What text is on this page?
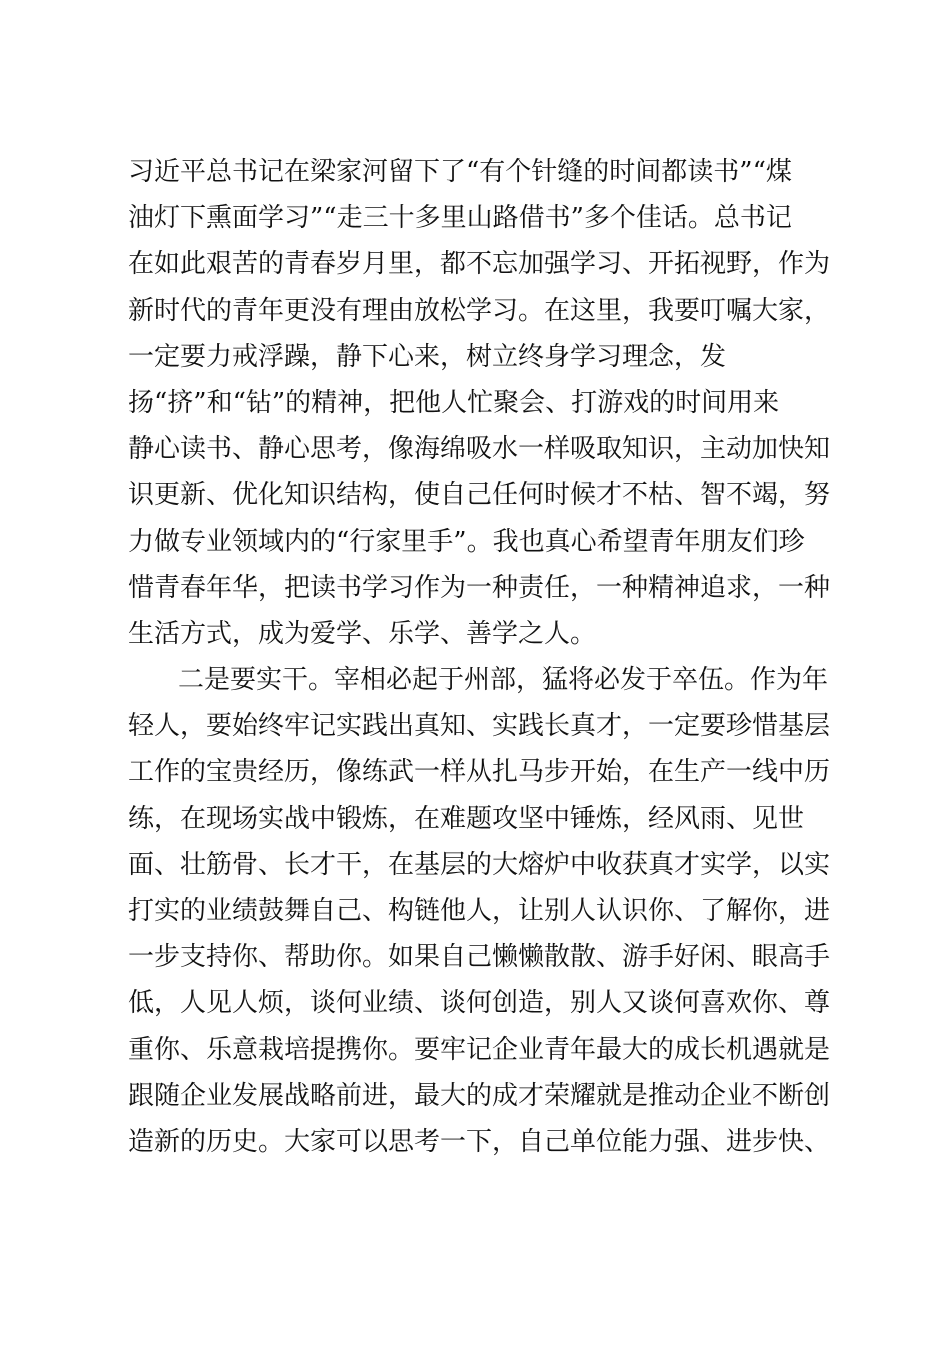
习近平总书记在梁家河留下了“有个针缝的时间都读书”“煤
油灯下熏面学习”“走三十多里山路借书”多个佳话。总书记
在如此艰苦的青春岁月里，都不忘加强学习、开拓视野，作为
新时代的青年更没有理由放松学习。在这里，我要叮嘱大家，
一定要力戒浮躁，静下心来，树立终身学习理念，发
扬“挤”和“钻”的精神，把他人忙聚会、打游戏的时间用来
静心读书、静心思考，像海绵吸水一样吸取知识，主动加快知
识更新、优化知识结构，使自己任何时候才不枯、智不竭，努
力做专业领域内的“行家里手”。我也真心希望青年朋友们珍
惜青春年华，把读书学习作为一种责任，一种精神追求，一种
生活方式，成为爱学、乐学、善学之人。
二是要实干。宰相必起于州部，猛将必发于卒伍。作为年
轻人，要始终牢记实践出真知、实践长真才，一定要珍惜基层
工作的宝贵经历，像练武一样从扎马步开始，在生产一线中历
练，在现场实战中锻炼，在难题攻坚中锤炼，经风雨、见世
面、壮筋骨、长才干，在基层的大熔炉中收获真才实学，以实
打实的业绩鼓舞自己、构链他人，让别人认识你、了解你，进
一步支持你、帮助你。如果自己懒懒散散、游手好闲、眼高手
低，人见人烦，谈何业绩、谈何创造，别人又谈何喜欢你、尊
重你、乐意栽培提携你。要牢记企业青年最大的成长机遇就是
跟随企业发展战略前进，最大的成才荣耀就是推动企业不断创
造新的历史。大家可以思考一下，自己单位能力强、进步快、
